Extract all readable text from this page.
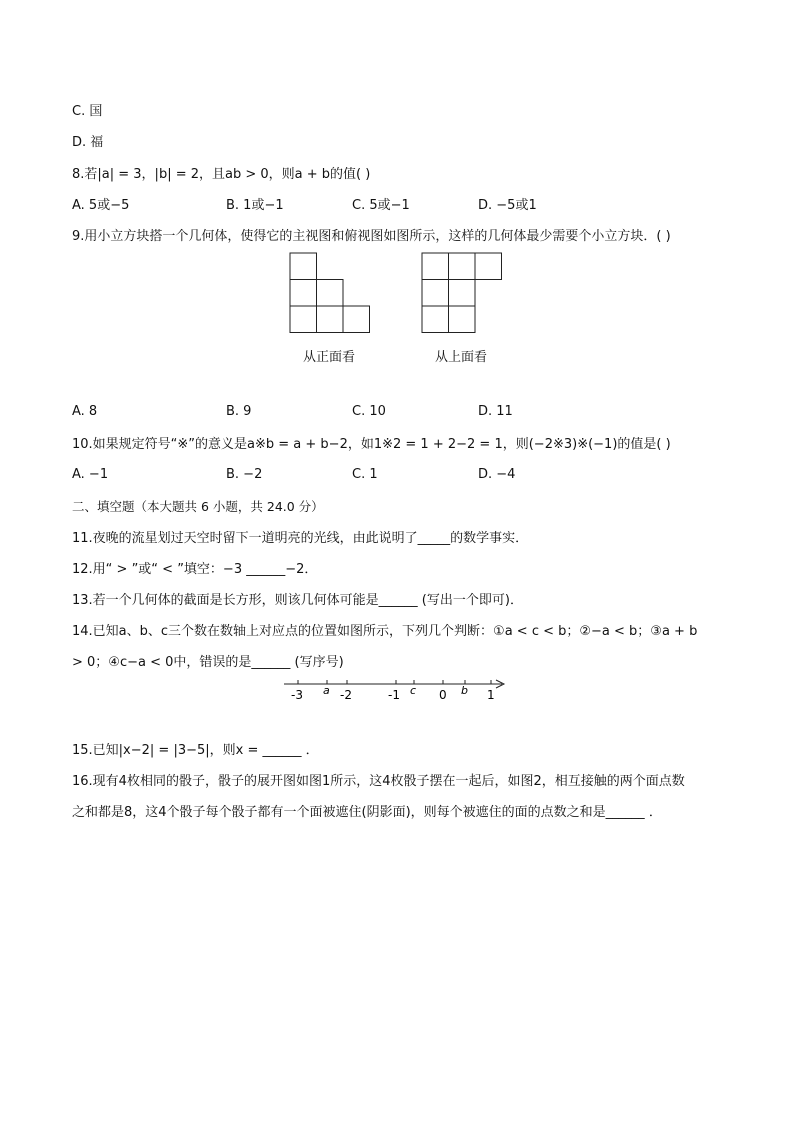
C. 国
D. 福
8.若|a| = 3，|b| = 2，且ab > 0，则a + b的值( )
A. 5或−5	B. 1或−1	C. 5或−1	D. −5或1
9.用小立方块搭一个几何体，使得它的主视图和俯视图如图所示，这样的几何体最少需要个小立方块．( )
从正面看	从上面看
A. 8	B. 9	C. 10	D. 11
10.如果规定符号“※”的意义是a※b = a + b−2，如1※2 = 1 + 2−2 = 1，则(−2※3)※(−1)的值是( )
A. −1	B. −2	C. 1	D. −4
二、填空题（本大题共 6 小题，共 24.0 分）
11.夜晚的流星划过天空时留下一道明亮的光线，由此说明了_____的数学事实．
12.用“ > ”或“ < ”填空：−3 ______−2．
13.若一个几何体的截面是长方形，则该几何体可能是______ (写出一个即可)．
14.已知a、b、c三个数在数轴上对应点的位置如图所示，下列几个判断：①a < c < b；②−a < b；③a + b
> 0；④c−a < 0中，错误的是______ (写序号)
-3	-2	-1	0	1
a	c	b
15.已知|x−2| = |3−5|，则x = ______ ．
16.现有4枚相同的骰子，骰子的展开图如图1所示，这4枚骰子摆在一起后，如图2，相互接触的两个面点数
之和都是8，这4个骰子每个骰子都有一个面被遮住(阴影面)，则每个被遮住的面的点数之和是______ ．
